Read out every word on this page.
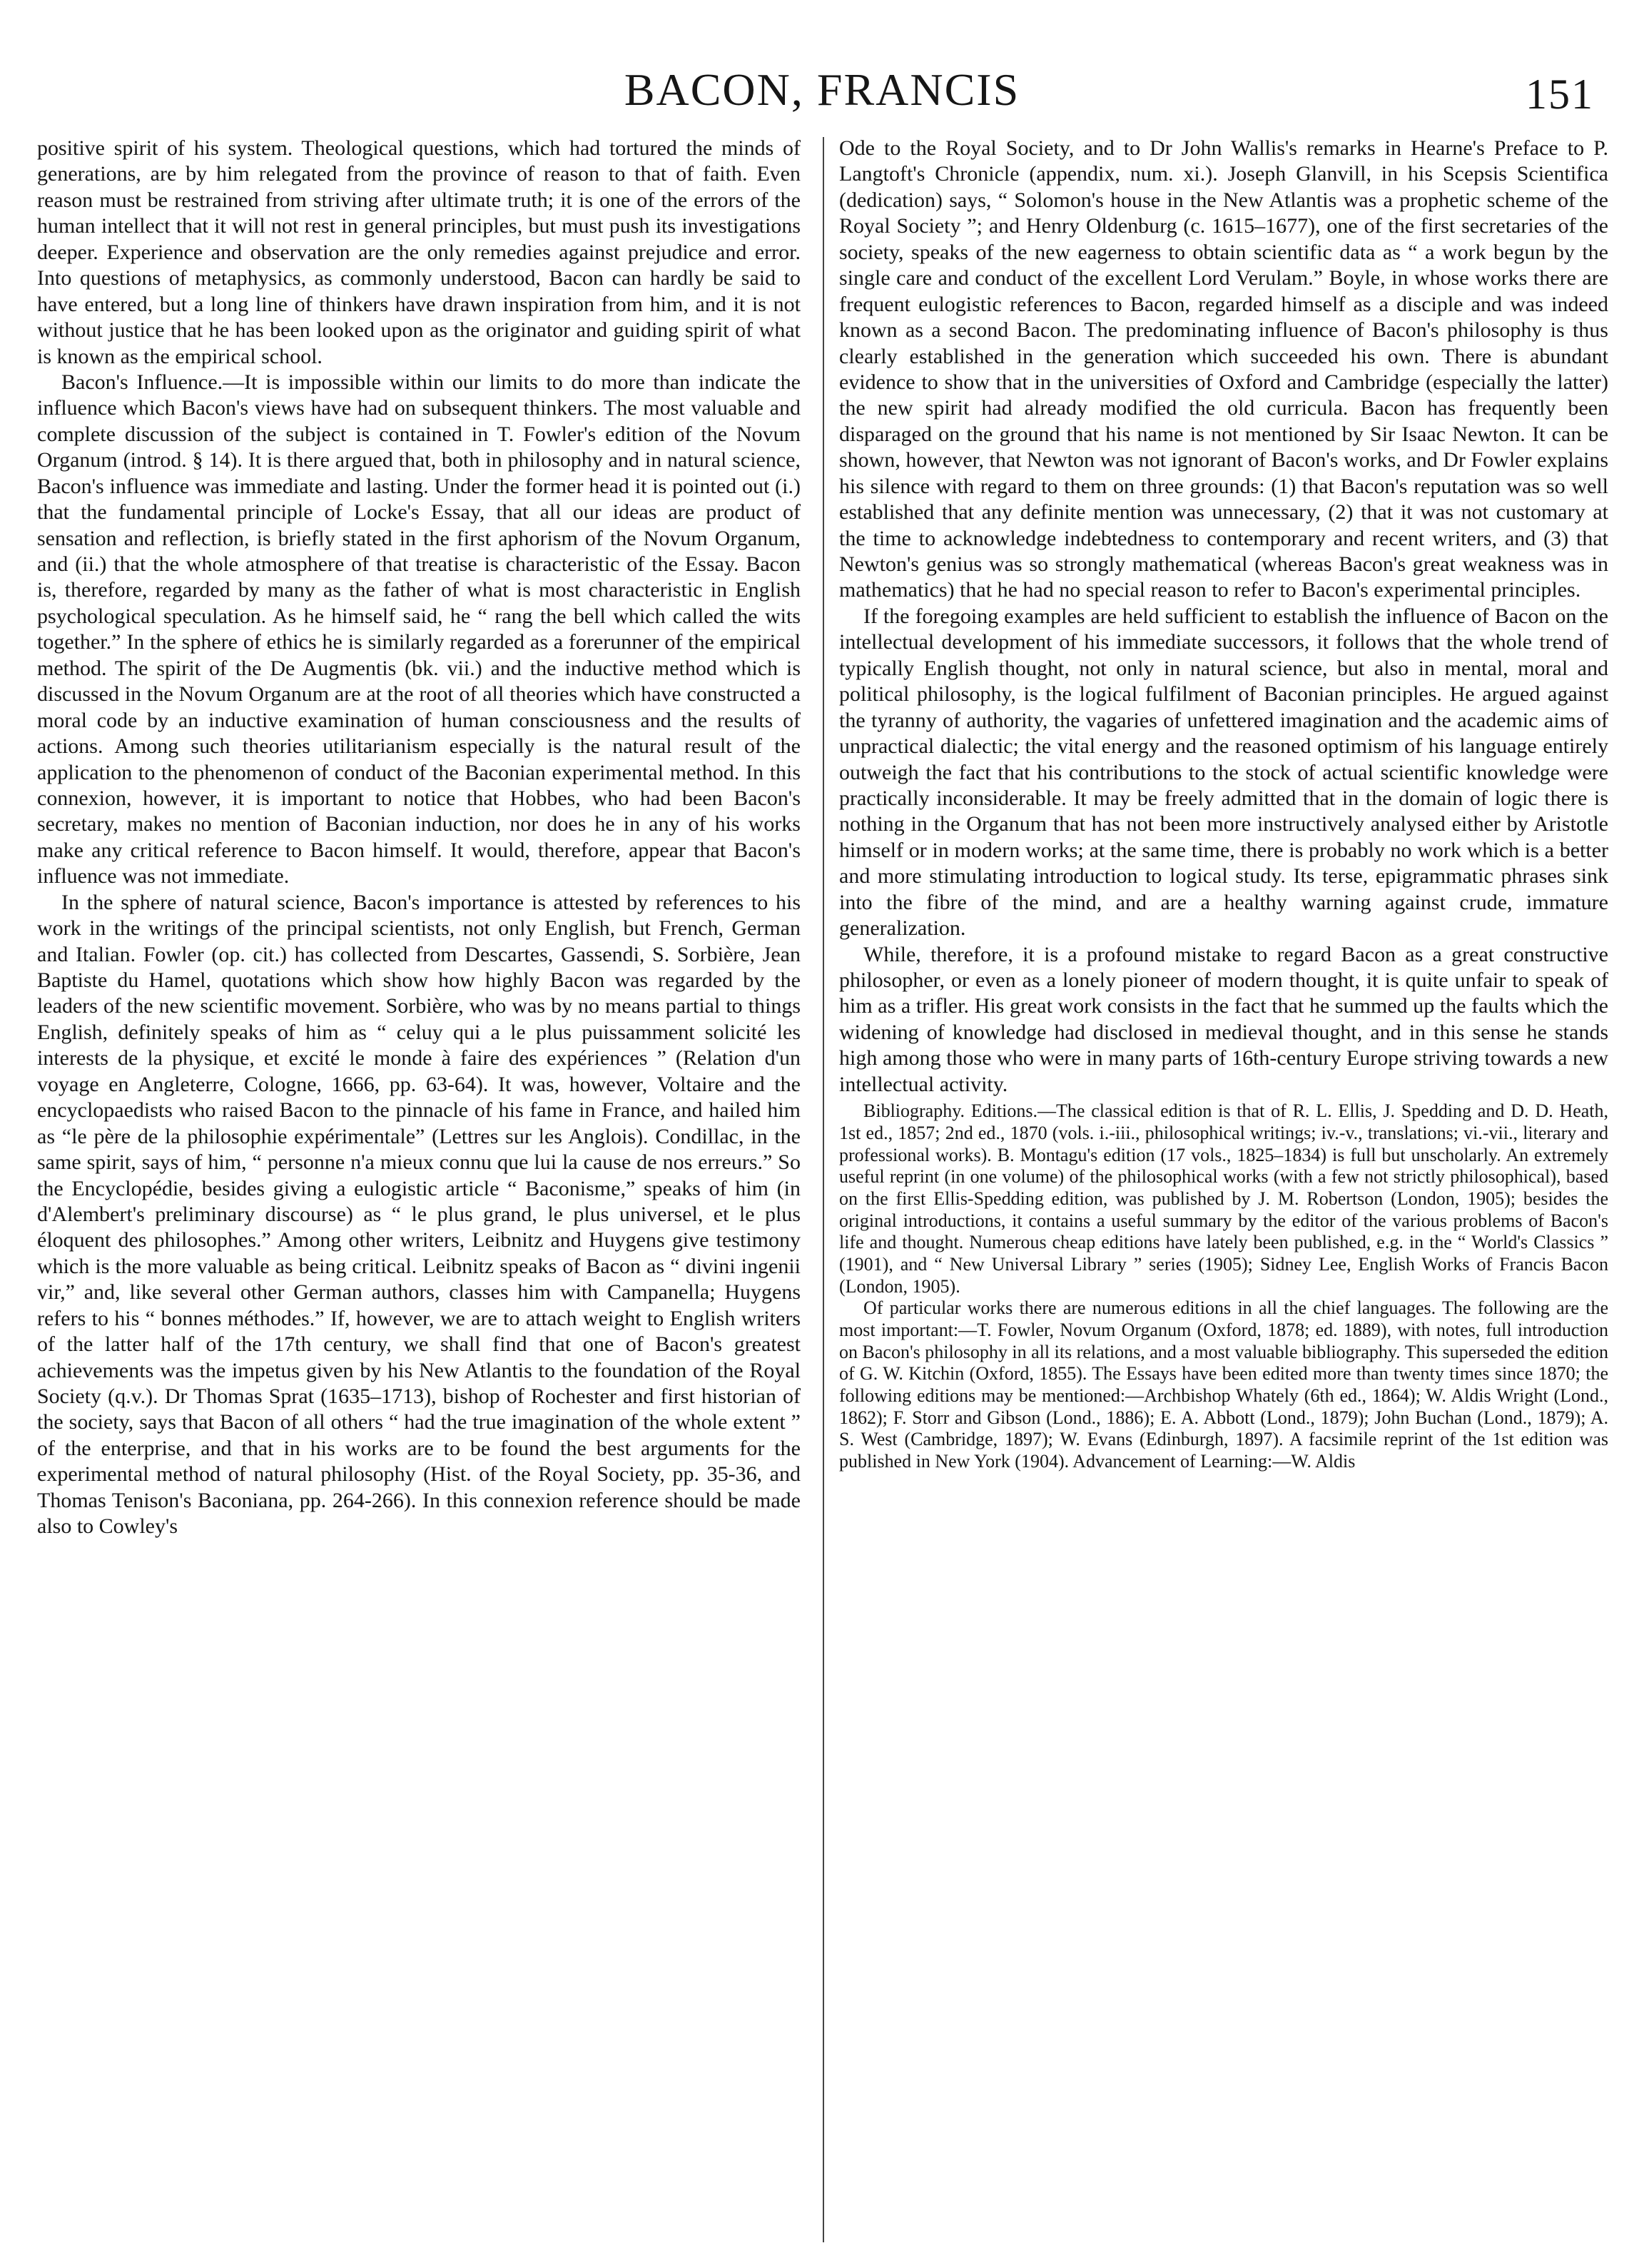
BACON, FRANCIS	151

positive spirit of his system. Theological questions, which had tortured the minds of generations, are by him relegated from the province of reason to that of faith. Even reason must be restrained from striving after ultimate truth; it is one of the errors of the human intellect that it will not rest in general principles, but must push its investigations deeper. Experience and observation are the only remedies against prejudice and error. Into questions of metaphysics, as commonly understood, Bacon can hardly be said to have entered, but a long line of thinkers have drawn inspiration from him, and it is not without justice that he has been looked upon as the originator and guiding spirit of what is known as the empirical school.

Bacon's Influence.—It is impossible within our limits to do more than indicate the influence which Bacon's views have had on subsequent thinkers. The most valuable and complete discussion of the subject is contained in T. Fowler's edition of the Novum Organum (introd. § 14). It is there argued that, both in philosophy and in natural science, Bacon's influence was immediate and lasting. Under the former head it is pointed out (i.) that the fundamental principle of Locke's Essay, that all our ideas are product of sensation and reflection, is briefly stated in the first aphorism of the Novum Organum, and (ii.) that the whole atmosphere of that treatise is characteristic of the Essay. Bacon is, therefore, regarded by many as the father of what is most characteristic in English psychological speculation. As he himself said, he “ rang the bell which called the wits together.” In the sphere of ethics he is similarly regarded as a forerunner of the empirical method. The spirit of the De Augmentis (bk. vii.) and the inductive method which is discussed in the Novum Organum are at the root of all theories which have constructed a moral code by an inductive examination of human consciousness and the results of actions. Among such theories utilitarianism especially is the natural result of the application to the phenomenon of conduct of the Baconian experimental method. In this connexion, however, it is important to notice that Hobbes, who had been Bacon's secretary, makes no mention of Baconian induction, nor does he in any of his works make any critical reference to Bacon himself. It would, therefore, appear that Bacon's influence was not immediate.

In the sphere of natural science, Bacon's importance is attested by references to his work in the writings of the principal scientists, not only English, but French, German and Italian. Fowler (op. cit.) has collected from Descartes, Gassendi, S. Sorbière, Jean Baptiste du Hamel, quotations which show how highly Bacon was regarded by the leaders of the new scientific movement. Sorbière, who was by no means partial to things English, definitely speaks of him as “ celuy qui a le plus puissamment solicité les interests de la physique, et excité le monde à faire des expériences ” (Relation d'un voyage en Angleterre, Cologne, 1666, pp. 63-64). It was, however, Voltaire and the encyclopaedists who raised Bacon to the pinnacle of his fame in France, and hailed him as “le père de la philosophie expérimentale” (Lettres sur les Anglois). Condillac, in the same spirit, says of him, “ personne n'a mieux connu que lui la cause de nos erreurs.” So the Encyclopédie, besides giving a eulogistic article “ Baconisme,” speaks of him (in d'Alembert's preliminary discourse) as “ le plus grand, le plus universel, et le plus éloquent des philosophes.” Among other writers, Leibnitz and Huygens give testimony which is the more valuable as being critical. Leibnitz speaks of Bacon as “ divini ingenii vir,” and, like several other German authors, classes him with Campanella; Huygens refers to his “ bonnes méthodes.” If, however, we are to attach weight to English writers of the latter half of the 17th century, we shall find that one of Bacon's greatest achievements was the impetus given by his New Atlantis to the foundation of the Royal Society (q.v.). Dr Thomas Sprat (1635–1713), bishop of Rochester and first historian of the society, says that Bacon of all others “ had the true imagination of the whole extent ” of the enterprise, and that in his works are to be found the best arguments for the experimental method of natural philosophy (Hist. of the Royal Society, pp. 35-36, and Thomas Tenison's Baconiana, pp. 264-266). In this connexion reference should be made also to Cowley's

Ode to the Royal Society, and to Dr John Wallis's remarks in Hearne's Preface to P. Langtoft's Chronicle (appendix, num. xi.). Joseph Glanvill, in his Scepsis Scientifica (dedication) says, “ Solomon's house in the New Atlantis was a prophetic scheme of the Royal Society ”; and Henry Oldenburg (c. 1615–1677), one of the first secretaries of the society, speaks of the new eagerness to obtain scientific data as “ a work begun by the single care and conduct of the excellent Lord Verulam.” Boyle, in whose works there are frequent eulogistic references to Bacon, regarded himself as a disciple and was indeed known as a second Bacon. The predominating influence of Bacon's philosophy is thus clearly established in the generation which succeeded his own. There is abundant evidence to show that in the universities of Oxford and Cambridge (especially the latter) the new spirit had already modified the old curricula. Bacon has frequently been disparaged on the ground that his name is not mentioned by Sir Isaac Newton. It can be shown, however, that Newton was not ignorant of Bacon's works, and Dr Fowler explains his silence with regard to them on three grounds: (1) that Bacon's reputation was so well established that any definite mention was unnecessary, (2) that it was not customary at the time to acknowledge indebtedness to contemporary and recent writers, and (3) that Newton's genius was so strongly mathematical (whereas Bacon's great weakness was in mathematics) that he had no special reason to refer to Bacon's experimental principles.

If the foregoing examples are held sufficient to establish the influence of Bacon on the intellectual development of his immediate successors, it follows that the whole trend of typically English thought, not only in natural science, but also in mental, moral and political philosophy, is the logical fulfilment of Baconian principles. He argued against the tyranny of authority, the vagaries of unfettered imagination and the academic aims of unpractical dialectic; the vital energy and the reasoned optimism of his language entirely outweigh the fact that his contributions to the stock of actual scientific knowledge were practically inconsiderable. It may be freely admitted that in the domain of logic there is nothing in the Organum that has not been more instructively analysed either by Aristotle himself or in modern works; at the same time, there is probably no work which is a better and more stimulating introduction to logical study. Its terse, epigrammatic phrases sink into the fibre of the mind, and are a healthy warning against crude, immature generalization.

While, therefore, it is a profound mistake to regard Bacon as a great constructive philosopher, or even as a lonely pioneer of modern thought, it is quite unfair to speak of him as a trifler. His great work consists in the fact that he summed up the faults which the widening of knowledge had disclosed in medieval thought, and in this sense he stands high among those who were in many parts of 16th-century Europe striving towards a new intellectual activity.

Bibliography. Editions.—The classical edition is that of R. L. Ellis, J. Spedding and D. D. Heath, 1st ed., 1857; 2nd ed., 1870 (vols. i.-iii., philosophical writings; iv.-v., translations; vi.-vii., literary and professional works). B. Montagu's edition (17 vols., 1825–1834) is full but unscholarly. An extremely useful reprint (in one volume) of the philosophical works (with a few not strictly philosophical), based on the first Ellis-Spedding edition, was published by J. M. Robertson (London, 1905); besides the original introductions, it contains a useful summary by the editor of the various problems of Bacon's life and thought. Numerous cheap editions have lately been published, e.g. in the “ World's Classics ” (1901), and “ New Universal Library ” series (1905); Sidney Lee, English Works of Francis Bacon (London, 1905).

Of particular works there are numerous editions in all the chief languages. The following are the most important:—T. Fowler, Novum Organum (Oxford, 1878; ed. 1889), with notes, full introduction on Bacon's philosophy in all its relations, and a most valuable bibliography. This superseded the edition of G. W. Kitchin (Oxford, 1855). The Essays have been edited more than twenty times since 1870; the following editions may be mentioned:—Archbishop Whately (6th ed., 1864); W. Aldis Wright (Lond., 1862); F. Storr and Gibson (Lond., 1886); E. A. Abbott (Lond., 1879); John Buchan (Lond., 1879); A. S. West (Cambridge, 1897); W. Evans (Edinburgh, 1897). A facsimile reprint of the 1st edition was published in New York (1904). Advancement of Learning:—W. Aldis
